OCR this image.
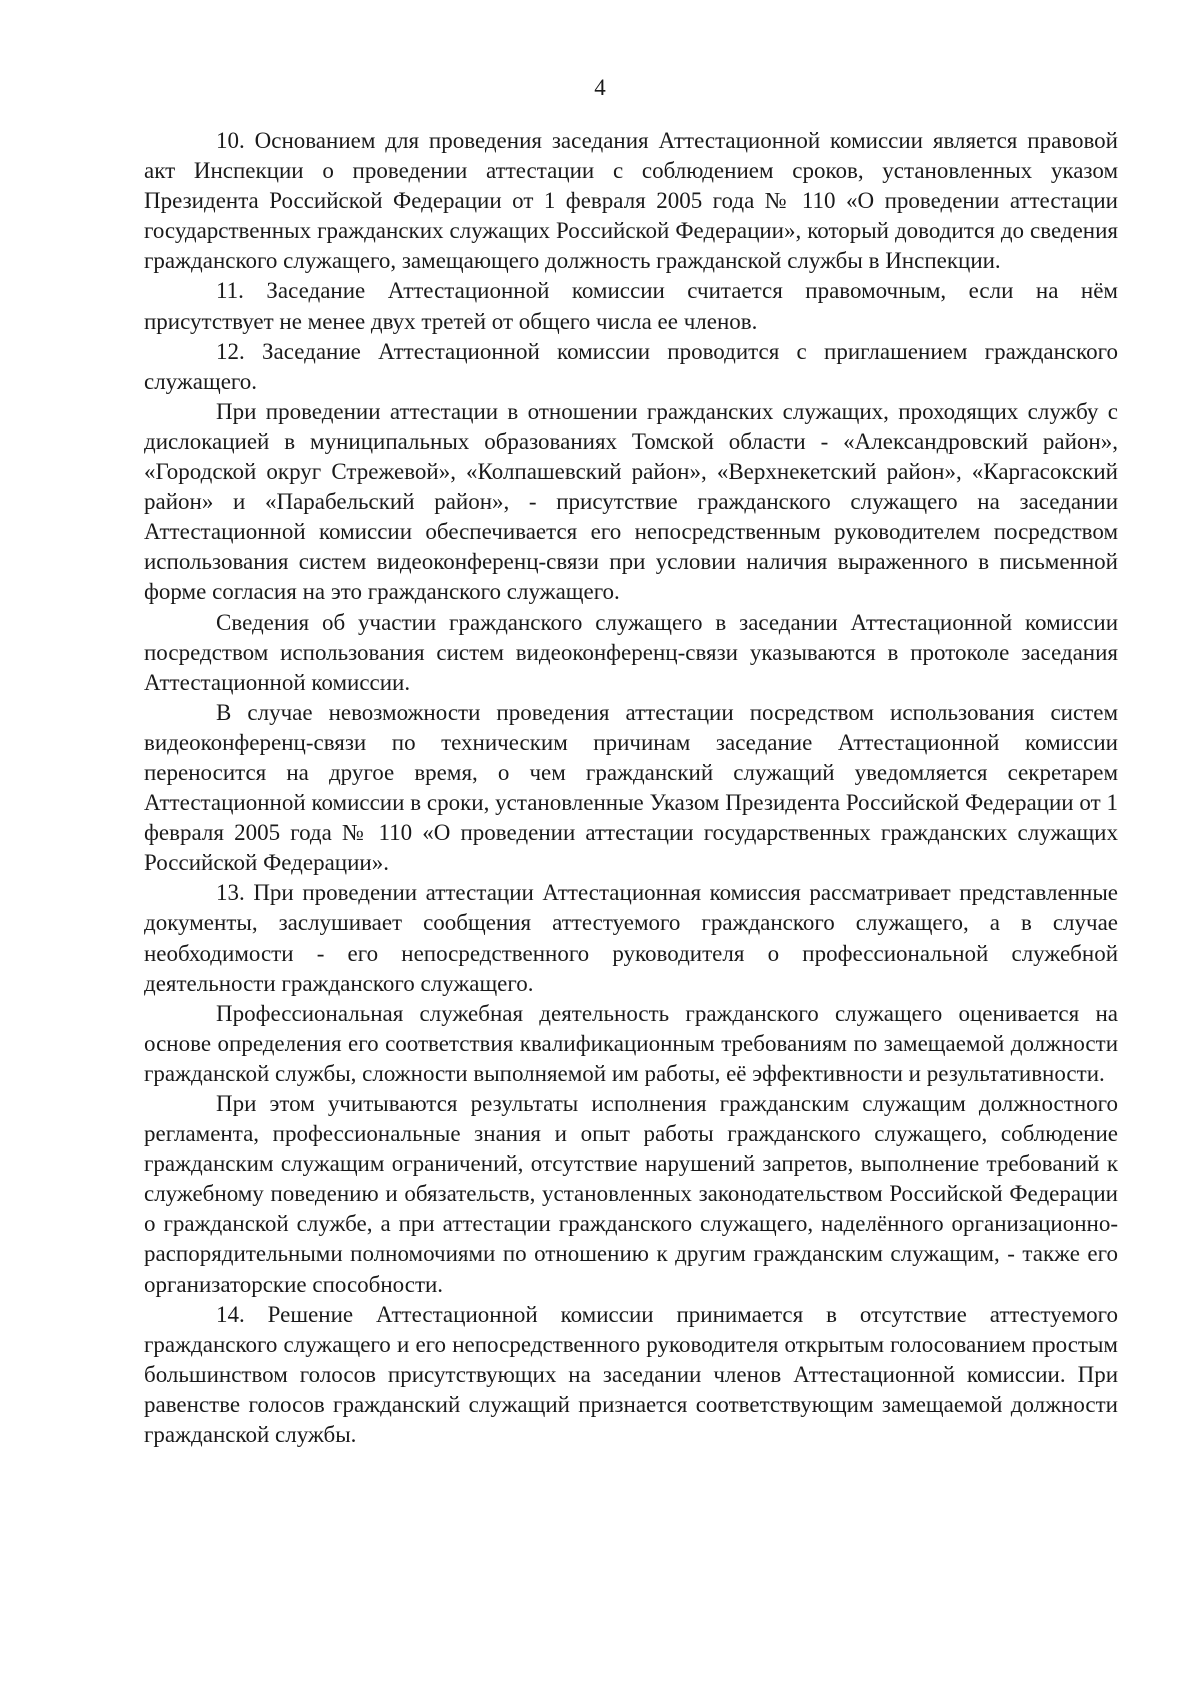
4

10. Основанием для проведения заседания Аттестационной комиссии является правовой акт Инспекции о проведении аттестации с соблюдением сроков, установленных указом Президента Российской Федерации от 1 февраля 2005 года № 110 «О проведении аттестации государственных гражданских служащих Российской Федерации», который доводится до сведения гражданского служащего, замещающего должность гражданской службы в Инспекции.

11. Заседание Аттестационной комиссии считается правомочным, если на нём присутствует не менее двух третей от общего числа ее членов.

12. Заседание Аттестационной комиссии проводится с приглашением гражданского служащего.

При проведении аттестации в отношении гражданских служащих, проходящих службу с дислокацией в муниципальных образованиях Томской области - «Александровский район», «Городской округ Стрежевой», «Колпашевский район», «Верхнекетский район», «Каргасокский район» и «Парабельский район», - присутствие гражданского служащего на заседании Аттестационной комиссии обеспечивается его непосредственным руководителем посредством использования систем видеоконференц-связи при условии наличия выраженного в письменной форме согласия на это гражданского служащего.

Сведения об участии гражданского служащего в заседании Аттестационной комиссии посредством использования систем видеоконференц-связи указываются в протоколе заседания Аттестационной комиссии.

В случае невозможности проведения аттестации посредством использования систем видеоконференц-связи по техническим причинам заседание Аттестационной комиссии переносится на другое время, о чем гражданский служащий уведомляется секретарем Аттестационной комиссии в сроки, установленные Указом Президента Российской Федерации от 1 февраля 2005 года № 110 «О проведении аттестации государственных гражданских служащих Российской Федерации».

13. При проведении аттестации Аттестационная комиссия рассматривает представленные документы, заслушивает сообщения аттестуемого гражданского служащего, а в случае необходимости - его непосредственного руководителя о профессиональной служебной деятельности гражданского служащего.

Профессиональная служебная деятельность гражданского служащего оценивается на основе определения его соответствия квалификационным требованиям по замещаемой должности гражданской службы, сложности выполняемой им работы, её эффективности и результативности.

При этом учитываются результаты исполнения гражданским служащим должностного регламента, профессиональные знания и опыт работы гражданского служащего, соблюдение гражданским служащим ограничений, отсутствие нарушений запретов, выполнение требований к служебному поведению и обязательств, установленных законодательством Российской Федерации о гражданской службе, а при аттестации гражданского служащего, наделённого организационно-распорядительными полномочиями по отношению к другим гражданским служащим, - также его организаторские способности.

14. Решение Аттестационной комиссии принимается в отсутствие аттестуемого гражданского служащего и его непосредственного руководителя открытым голосованием простым большинством голосов присутствующих на заседании членов Аттестационной комиссии. При равенстве голосов гражданский служащий признается соответствующим замещаемой должности гражданской службы.
